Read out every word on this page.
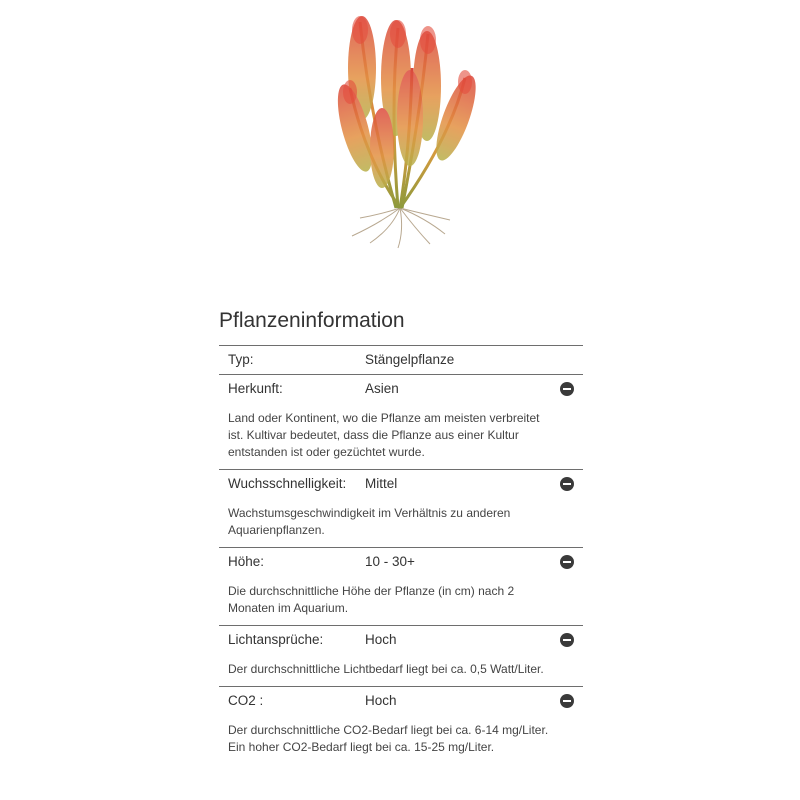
Pflanzeninformation
Typ:	Stängelpflanze
Herkunft:	Asien
Land oder Kontinent, wo die Pflanze am meisten verbreitet ist. Kultivar bedeutet, dass die Pflanze aus einer Kultur entstanden ist oder gezüchtet wurde.
Wuchsschnelligkeit: Mittel
Wachstumsgeschwindigkeit im Verhältnis zu anderen Aquarienpflanzen.
Höhe:	10 - 30+
Die durchschnittliche Höhe der Pflanze (in cm) nach 2 Monaten im Aquarium.
Lichtansprüche:	Hoch
Der durchschnittliche Lichtbedarf liegt bei ca. 0,5 Watt/Liter.
CO2 :	Hoch
Der durchschnittliche CO2-Bedarf liegt bei ca. 6-14 mg/Liter. Ein hoher CO2-Bedarf liegt bei ca. 15-25 mg/Liter.
